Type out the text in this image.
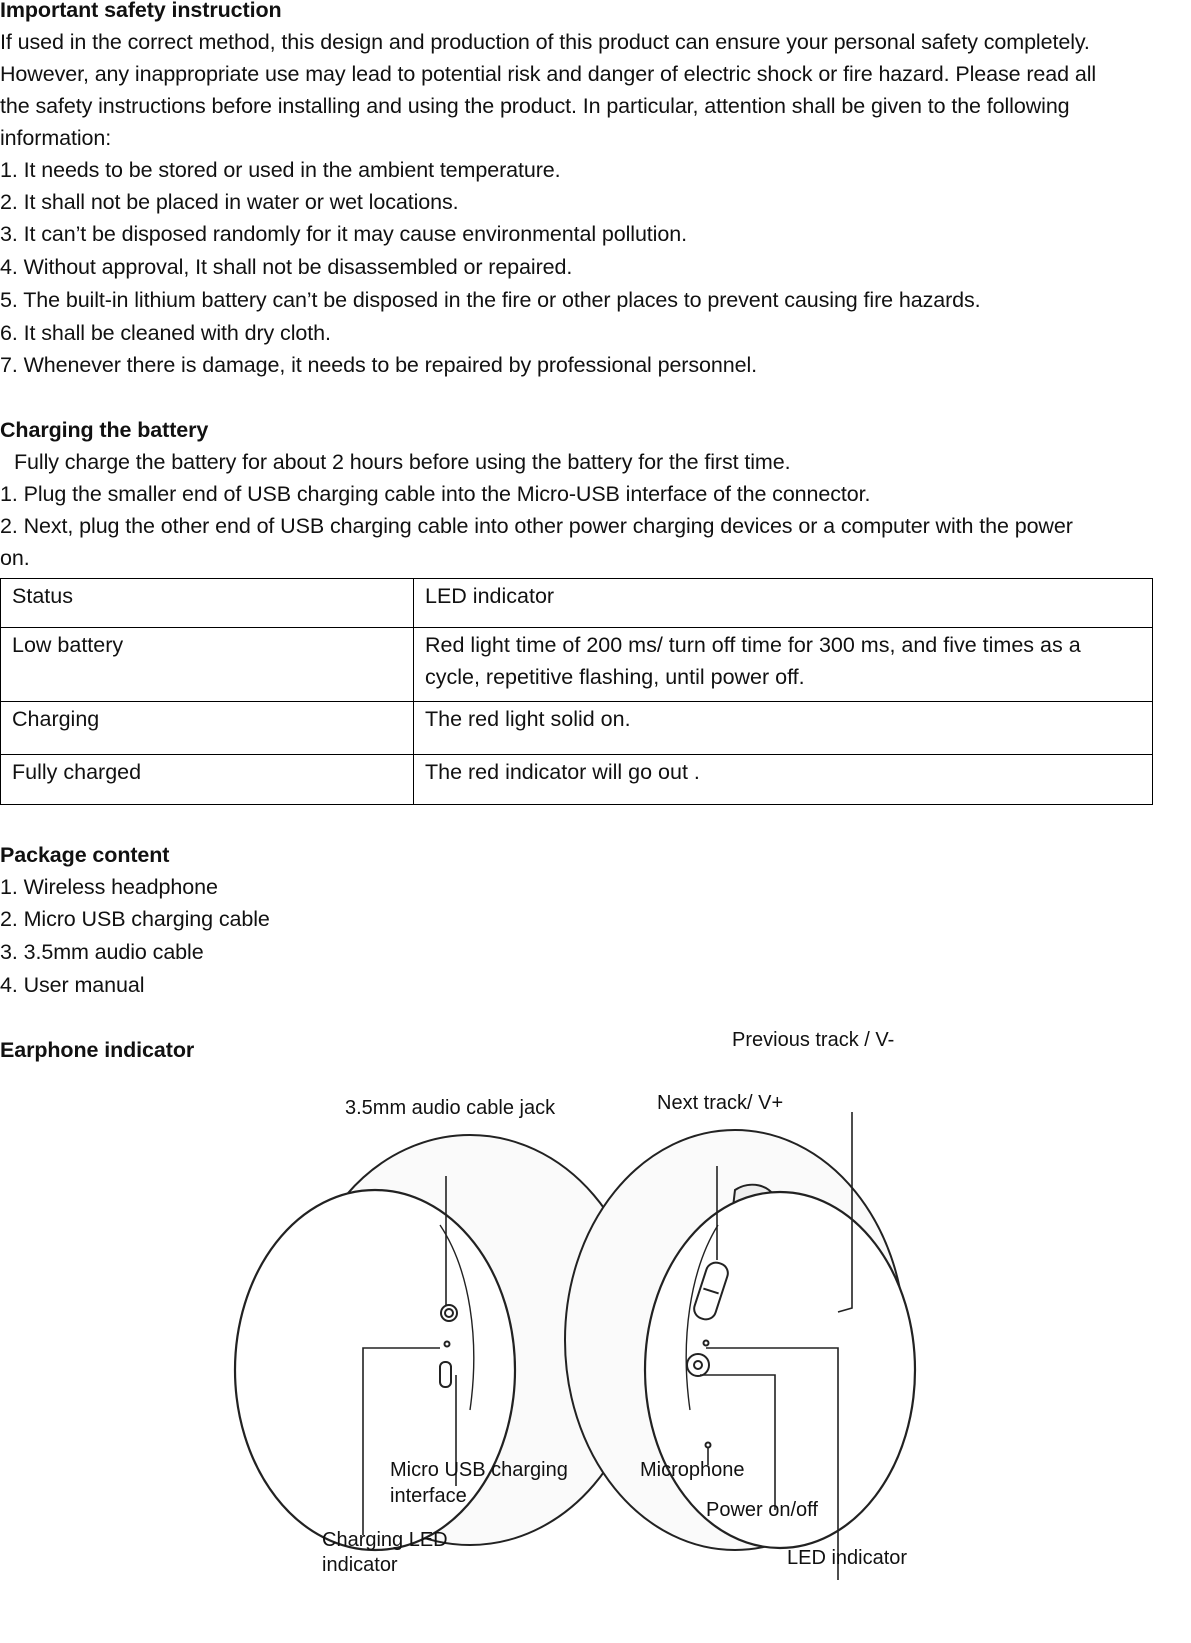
Important safety instruction
If used in the correct method, this design and production of this product can ensure your personal safety completely.
However, any inappropriate use may lead to potential risk and danger of electric shock or fire hazard. Please read all
the safety instructions before installing and using the product. In particular, attention shall be given to the following
information:
1. It needs to be stored or used in the ambient temperature.
2. It shall not be placed in water or wet locations.
3. It can’t be disposed randomly for it may cause environmental pollution.
4. Without approval, It shall not be disassembled or repaired.
5. The built-in lithium battery can’t be disposed in the fire or other places to prevent causing fire hazards.
6. It shall be cleaned with dry cloth.
7. Whenever there is damage, it needs to be repaired by professional personnel.
Charging the battery
Fully charge the battery for about 2 hours before using the battery for the first time.
1. Plug the smaller end of USB charging cable into the Micro-USB interface of the connector.
2. Next, plug the other end of USB charging cable into other power charging devices or a computer with the power
on.
Status	LED indicator
Low battery	Red light time of 200 ms/ turn off time for 300 ms, and five times as a cycle, repetitive flashing, until power off.
Charging	The red light solid on.
Fully charged	The red indicator will go out .
Package content
1. Wireless headphone
2. Micro USB charging cable
3. 3.5mm audio cable
4. User manual
Earphone indicator	Previous track / V-
3.5mm audio cable jack	Next track/ V+
Micro USB charging
interface
Microphone
Power on/off
Charging LED
indicator	LED indicator
